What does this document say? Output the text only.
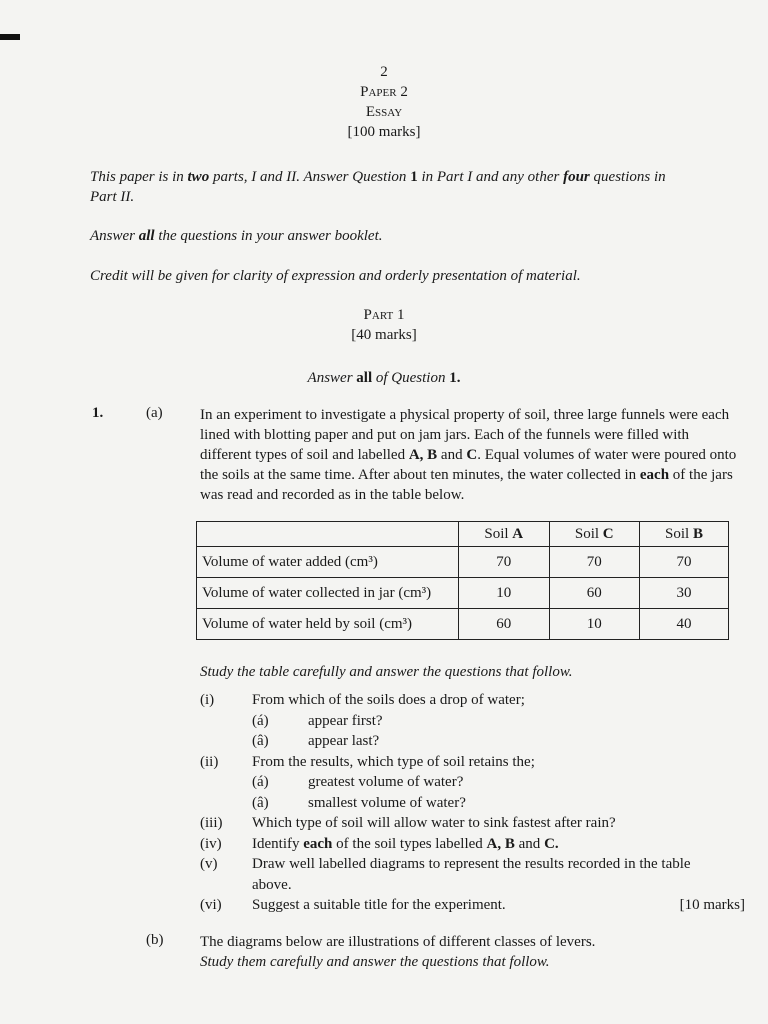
2
Paper 2
Essay
[100 marks]
This paper is in two parts, I and II. Answer Question 1 in Part I and any other four questions in Part II.
Answer all the questions in your answer booklet.
Credit will be given for clarity of expression and orderly presentation of material.
Part 1
[40 marks]
Answer all of Question 1.
1.	(a) In an experiment to investigate a physical property of soil, three large funnels were each lined with blotting paper and put on jam jars. Each of the funnels were filled with different types of soil and labelled A, B and C. Equal volumes of water were poured onto the soils at the same time. After about ten minutes, the water collected in each of the jars was read and recorded as in the table below.
	Soil A	Soil C	Soil B
Volume of water added (cm³)	70	70	70
Volume of water collected in jar (cm³)	10	60	30
Volume of water held by soil (cm³)	60	10	40
Study the table carefully and answer the questions that follow.
(i)	From which of the soils does a drop of water;
(á)	appear first?
(â)	appear last?
(ii)	From the results, which type of soil retains the;
(á)	greatest volume of water?
(â)	smallest volume of water?
(iii)	Which type of soil will allow water to sink fastest after rain?
(iv)	Identify each of the soil types labelled A, B and C.
(v)	Draw well labelled diagrams to represent the results recorded in the table above.
(vi)	Suggest a suitable title for the experiment.	[10 marks]
(b) The diagrams below are illustrations of different classes of levers.
Study them carefully and answer the questions that follow.
